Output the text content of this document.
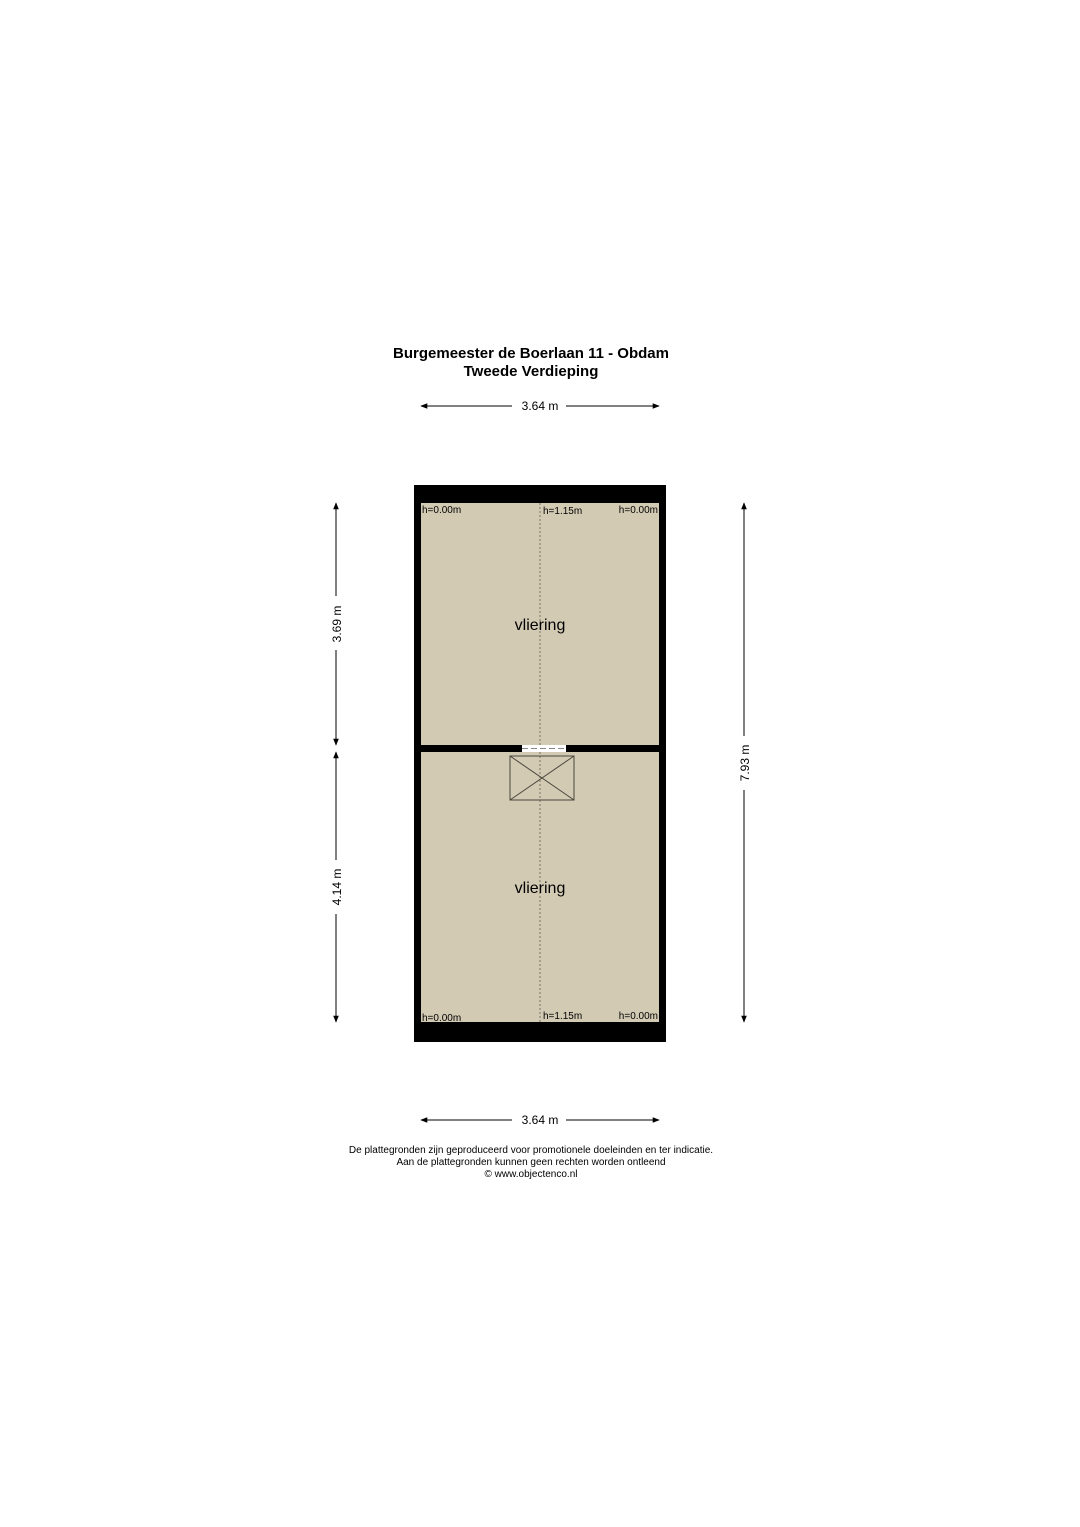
Burgemeester de Boerlaan 11 - Obdam
Tweede Verdieping
3.64 m
h=0.00m	h=1.15m	h=0.00m
vliering
vliering
h=0.00m	h=1.15m	h=0.00m
3.69 m
4.14 m
7.93 m
3.64 m
De plattegronden zijn geproduceerd voor promotionele doeleinden en ter indicatie.
Aan de plattegronden kunnen geen rechten worden ontleend
© www.objectenco.nl
